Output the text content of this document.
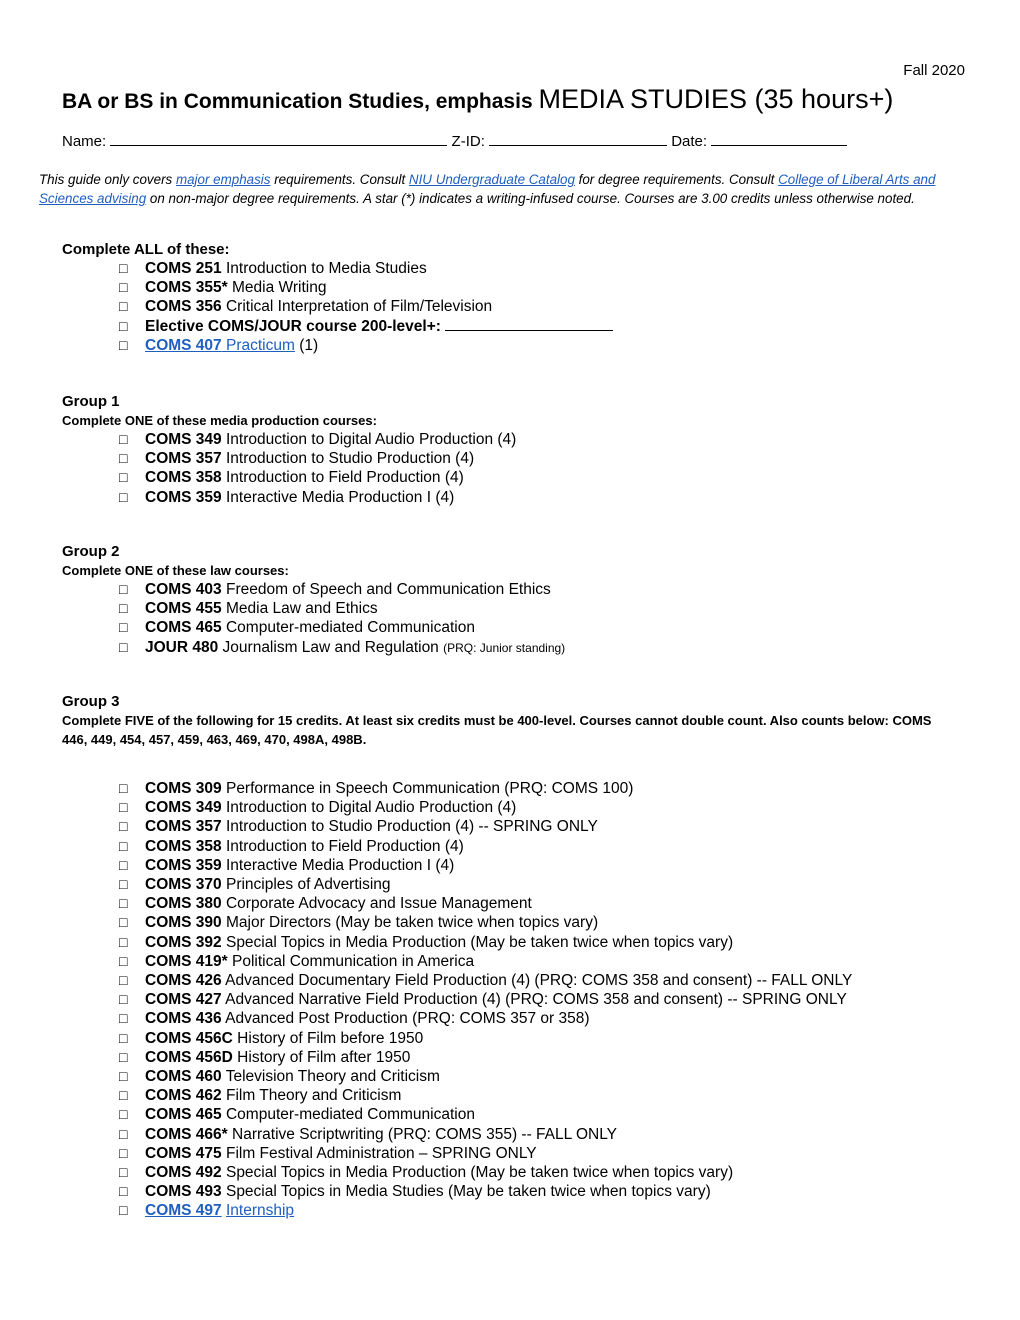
Fall 2020
BA or BS in Communication Studies, emphasis MEDIA STUDIES (35 hours+)
Name:	Z-ID:	Date:

This guide only covers major emphasis requirements. Consult NIU Undergraduate Catalog for degree requirements. Consult College of Liberal Arts and Sciences advising on non-major degree requirements. A star (*) indicates a writing-infused course. Courses are 3.00 credits unless otherwise noted.

Complete ALL of these:
□ COMS 251 Introduction to Media Studies
□ COMS 355* Media Writing
□ COMS 356 Critical Interpretation of Film/Television
□ Elective COMS/JOUR course 200-level+:
□ COMS 407 Practicum (1)
Group 1

Complete ONE of these media production courses:

□ COMS 349 Introduction to Digital Audio Production (4)
□ COMS 357 Introduction to Studio Production (4)
□ COMS 358 Introduction to Field Production (4)
□ COMS 359 Interactive Media Production I (4)
Group 2

Complete ONE of these law courses:

□ COMS 403 Freedom of Speech and Communication Ethics
□ COMS 455 Media Law and Ethics
□ COMS 465 Computer-mediated Communication
□ JOUR 480 Journalism Law and Regulation (PRQ: Junior standing)
Group 3

Complete FIVE of the following for 15 credits. At least six credits must be 400-level. Courses cannot double count. Also counts below: COMS 446, 449, 454, 457, 459, 463, 469, 470, 498A, 498B.

□ COMS 309 Performance in Speech Communication (PRQ: COMS 100)
□ COMS 349 Introduction to Digital Audio Production (4)
□ COMS 357 Introduction to Studio Production (4) -- SPRING ONLY
□ COMS 358 Introduction to Field Production (4)
□ COMS 359 Interactive Media Production I (4)
□ COMS 370 Principles of Advertising
□ COMS 380 Corporate Advocacy and Issue Management
□ COMS 390 Major Directors (May be taken twice when topics vary)
□ COMS 392 Special Topics in Media Production (May be taken twice when topics vary)
□ COMS 419* Political Communication in America
□ COMS 426 Advanced Documentary Field Production (4) (PRQ: COMS 358 and consent) -- FALL ONLY
□ COMS 427 Advanced Narrative Field Production (4) (PRQ: COMS 358 and consent) -- SPRING ONLY
□ COMS 436 Advanced Post Production (PRQ: COMS 357 or 358)
□ COMS 456C History of Film before 1950
□ COMS 456D History of Film after 1950
□ COMS 460 Television Theory and Criticism
□ COMS 462 Film Theory and Criticism
□ COMS 465 Computer-mediated Communication
□ COMS 466* Narrative Scriptwriting (PRQ: COMS 355) -- FALL ONLY
□ COMS 475 Film Festival Administration – SPRING ONLY
□ COMS 492 Special Topics in Media Production (May be taken twice when topics vary)
□ COMS 493 Special Topics in Media Studies (May be taken twice when topics vary)
□ COMS 497 Internship
